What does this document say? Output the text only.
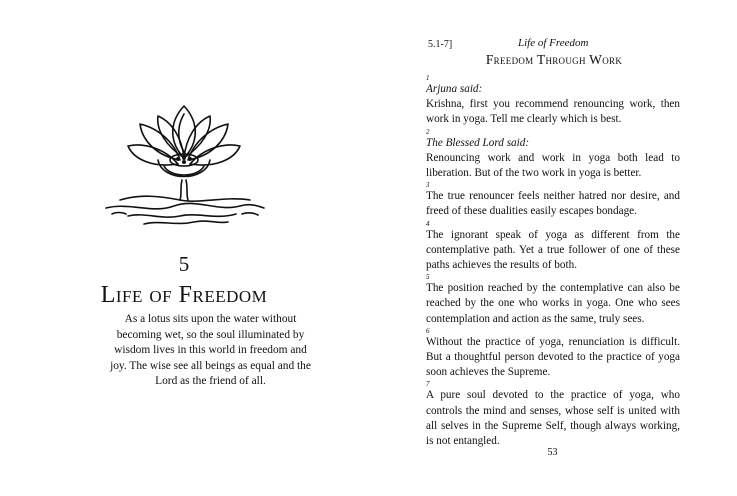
5
Life of Freedom
As a lotus sits upon the water without becoming wet, so the soul illuminated by wisdom lives in this world in freedom and joy. The wise see all beings as equal and the Lord as the friend of all.
5.1-7]	Life of Freedom
Freedom Through Work
1
Arjuna said:
Krishna, first you recommend renouncing work, then work in yoga. Tell me clearly which is best.
2
The Blessed Lord said:
Renouncing work and work in yoga both lead to liberation. But of the two work in yoga is better.
3
The true renouncer feels neither hatred nor desire, and freed of these dualities easily escapes bondage.
4
The ignorant speak of yoga as different from the contemplative path. Yet a true follower of one of these paths achieves the results of both.
5
The position reached by the contemplative can also be reached by the one who works in yoga. One who sees contemplation and action as the same, truly sees.
6
Without the practice of yoga, renunciation is difficult. But a thoughtful person devoted to the practice of yoga soon achieves the Supreme.
7
A pure soul devoted to the practice of yoga, who controls the mind and senses, whose self is united with all selves in the Supreme Self, though always working, is not entangled.
53
